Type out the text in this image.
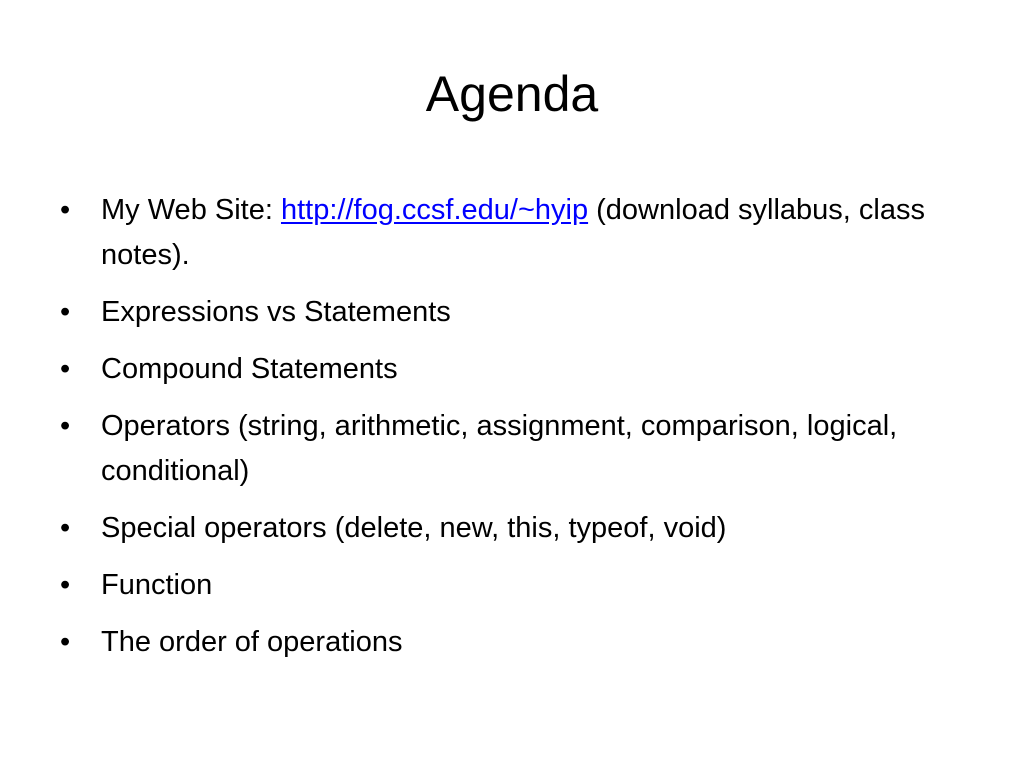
Agenda
•	My Web Site: http://fog.ccsf.edu/~hyip (download syllabus, class notes).
•	Expressions vs Statements
•	Compound Statements
•	Operators (string, arithmetic, assignment, comparison, logical, conditional)
•	Special operators (delete, new, this, typeof, void)
•	Function
•	The order of operations
